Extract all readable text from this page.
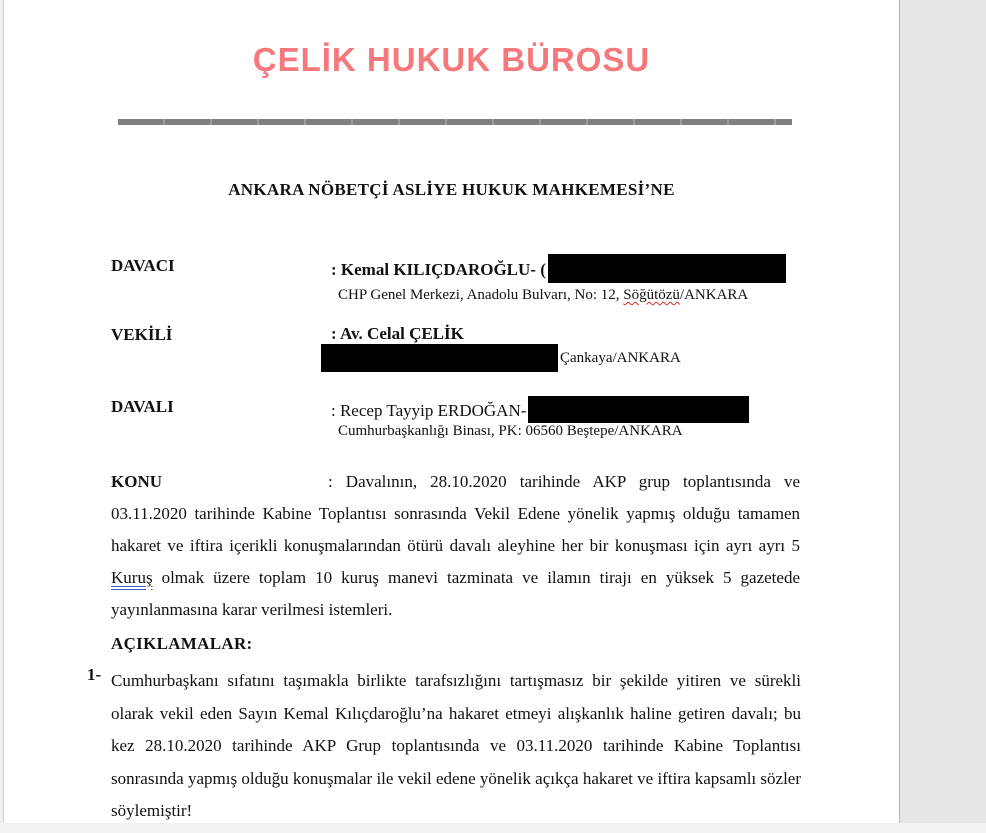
ÇELİK HUKUK BÜROSU
ANKARA NÖBETÇİ ASLİYE HUKUK MAHKEMESİ’NE
DAVACI	: Kemal KILIÇDAROĞLU- (
CHP Genel Merkezi, Anadolu Bulvarı, No: 12, Söğütözü/ANKARA
VEKİLİ	: Av. Celal ÇELİK
Çankaya/ANKARA
DAVALI	: Recep Tayyip ERDOĞAN-
Cumhurbaşkanlığı Binası, PK: 06560 Beştepe/ANKARA
KONU	: Davalının, 28.10.2020 tarihinde AKP grup toplantısında ve 03.11.2020 tarihinde Kabine Toplantısı sonrasında Vekil Edene yönelik yapmış olduğu tamamen hakaret ve iftira içerikli konuşmalarından ötürü davalı aleyhine her bir konuşması için ayrı ayrı 5 Kuruş olmak üzere toplam 10 kuruş manevi tazminata ve ilamın tirajı en yüksek 5 gazetede yayınlanmasına karar verilmesi istemleri.
AÇIKLAMALAR:
1- Cumhurbaşkanı sıfatını taşımakla birlikte tarafsızlığını tartışmasız bir şekilde yitiren ve sürekli olarak vekil eden Sayın Kemal Kılıçdaroğlu’na hakaret etmeyi alışkanlık haline getiren davalı; bu kez 28.10.2020 tarihinde AKP Grup toplantısında ve 03.11.2020 tarihinde Kabine Toplantısı sonrasında yapmış olduğu konuşmalar ile vekil edene yönelik açıkça hakaret ve iftira kapsamlı sözler söylemiştir!
